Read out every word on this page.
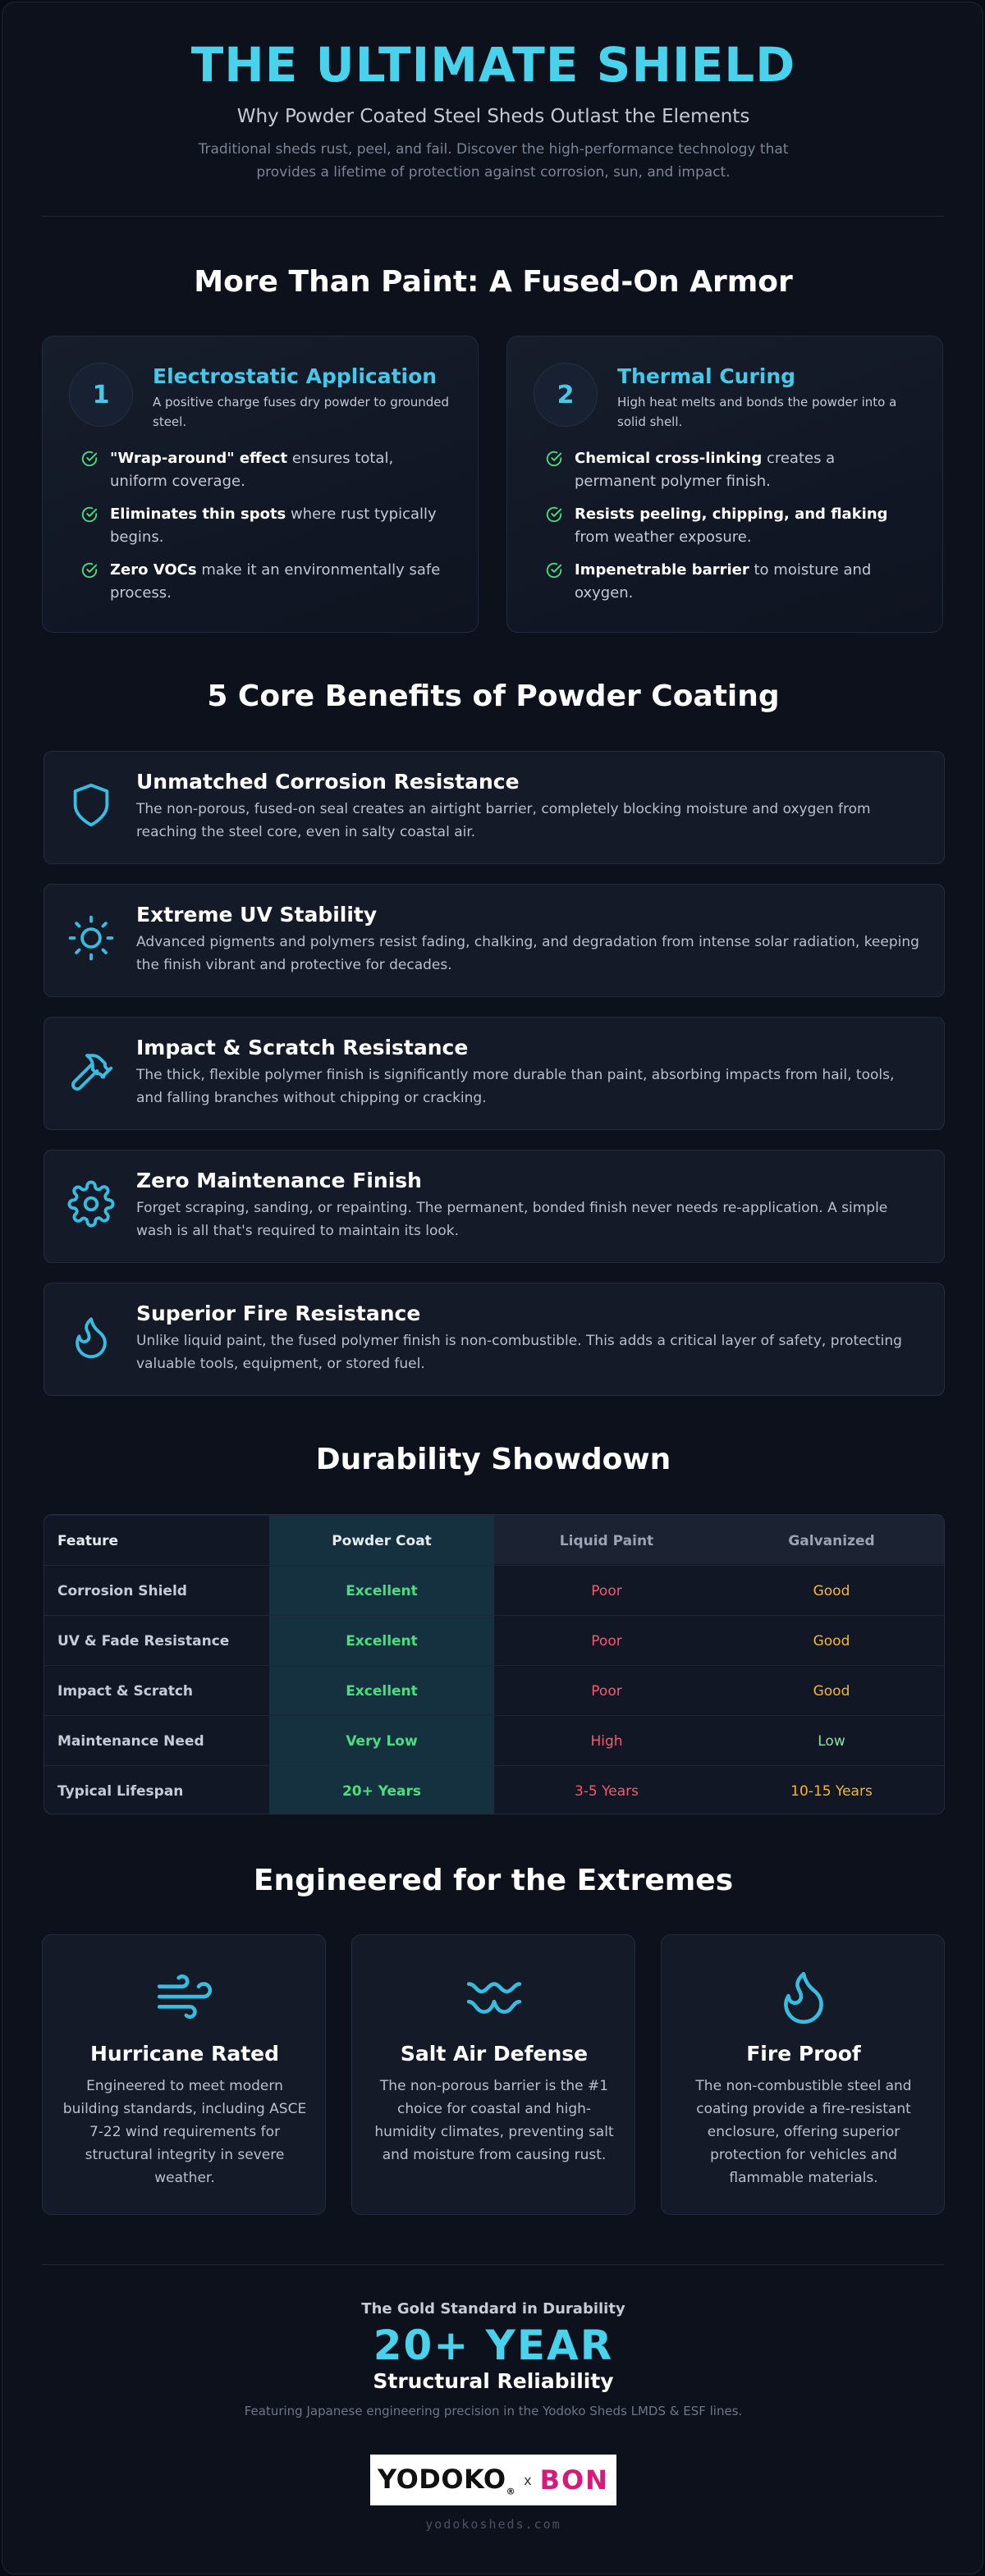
THE ULTIMATE SHIELD
Why Powder Coated Steel Sheds Outlast the Elements
Traditional sheds rust, peel, and fail. Discover the high-performance technology that provides a lifetime of protection against corrosion, sun, and impact.
More Than Paint: A Fused-On Armor
1
Electrostatic Application
A positive charge fuses dry powder to grounded steel.
"Wrap-around" effect ensures total, uniform coverage.
Eliminates thin spots where rust typically begins.
Zero VOCs make it an environmentally safe process.
2
Thermal Curing
High heat melts and bonds the powder into a solid shell.
Chemical cross-linking creates a permanent polymer finish.
Resists peeling, chipping, and flaking from weather exposure.
Impenetrable barrier to moisture and oxygen.
5 Core Benefits of Powder Coating
Unmatched Corrosion Resistance
The non-porous, fused-on seal creates an airtight barrier, completely blocking moisture and oxygen from reaching the steel core, even in salty coastal air.
Extreme UV Stability
Advanced pigments and polymers resist fading, chalking, and degradation from intense solar radiation, keeping the finish vibrant and protective for decades.
Impact & Scratch Resistance
The thick, flexible polymer finish is significantly more durable than paint, absorbing impacts from hail, tools, and falling branches without chipping or cracking.
Zero Maintenance Finish
Forget scraping, sanding, or repainting. The permanent, bonded finish never needs re-application. A simple wash is all that's required to maintain its look.
Superior Fire Resistance
Unlike liquid paint, the fused polymer finish is non-combustible. This adds a critical layer of safety, protecting valuable tools, equipment, or stored fuel.
Durability Showdown
Feature	Powder Coat	Liquid Paint	Galvanized
Corrosion Shield	Excellent	Poor	Good
UV & Fade Resistance	Excellent	Poor	Good
Impact & Scratch	Excellent	Poor	Good
Maintenance Need	Very Low	High	Low
Typical Lifespan	20+ Years	3-5 Years	10-15 Years
Engineered for the Extremes
Hurricane Rated
Engineered to meet modern building standards, including ASCE 7-22 wind requirements for structural integrity in severe weather.
Salt Air Defense
The non-porous barrier is the #1 choice for coastal and high-humidity climates, preventing salt and moisture from causing rust.
Fire Proof
The non-combustible steel and coating provide a fire-resistant enclosure, offering superior protection for vehicles and flammable materials.
The Gold Standard in Durability
20+ YEAR
Structural Reliability
Featuring Japanese engineering precision in the Yodoko Sheds LMDS & ESF lines.
$YODOKO_®$
x BON
yodokosheds.com
